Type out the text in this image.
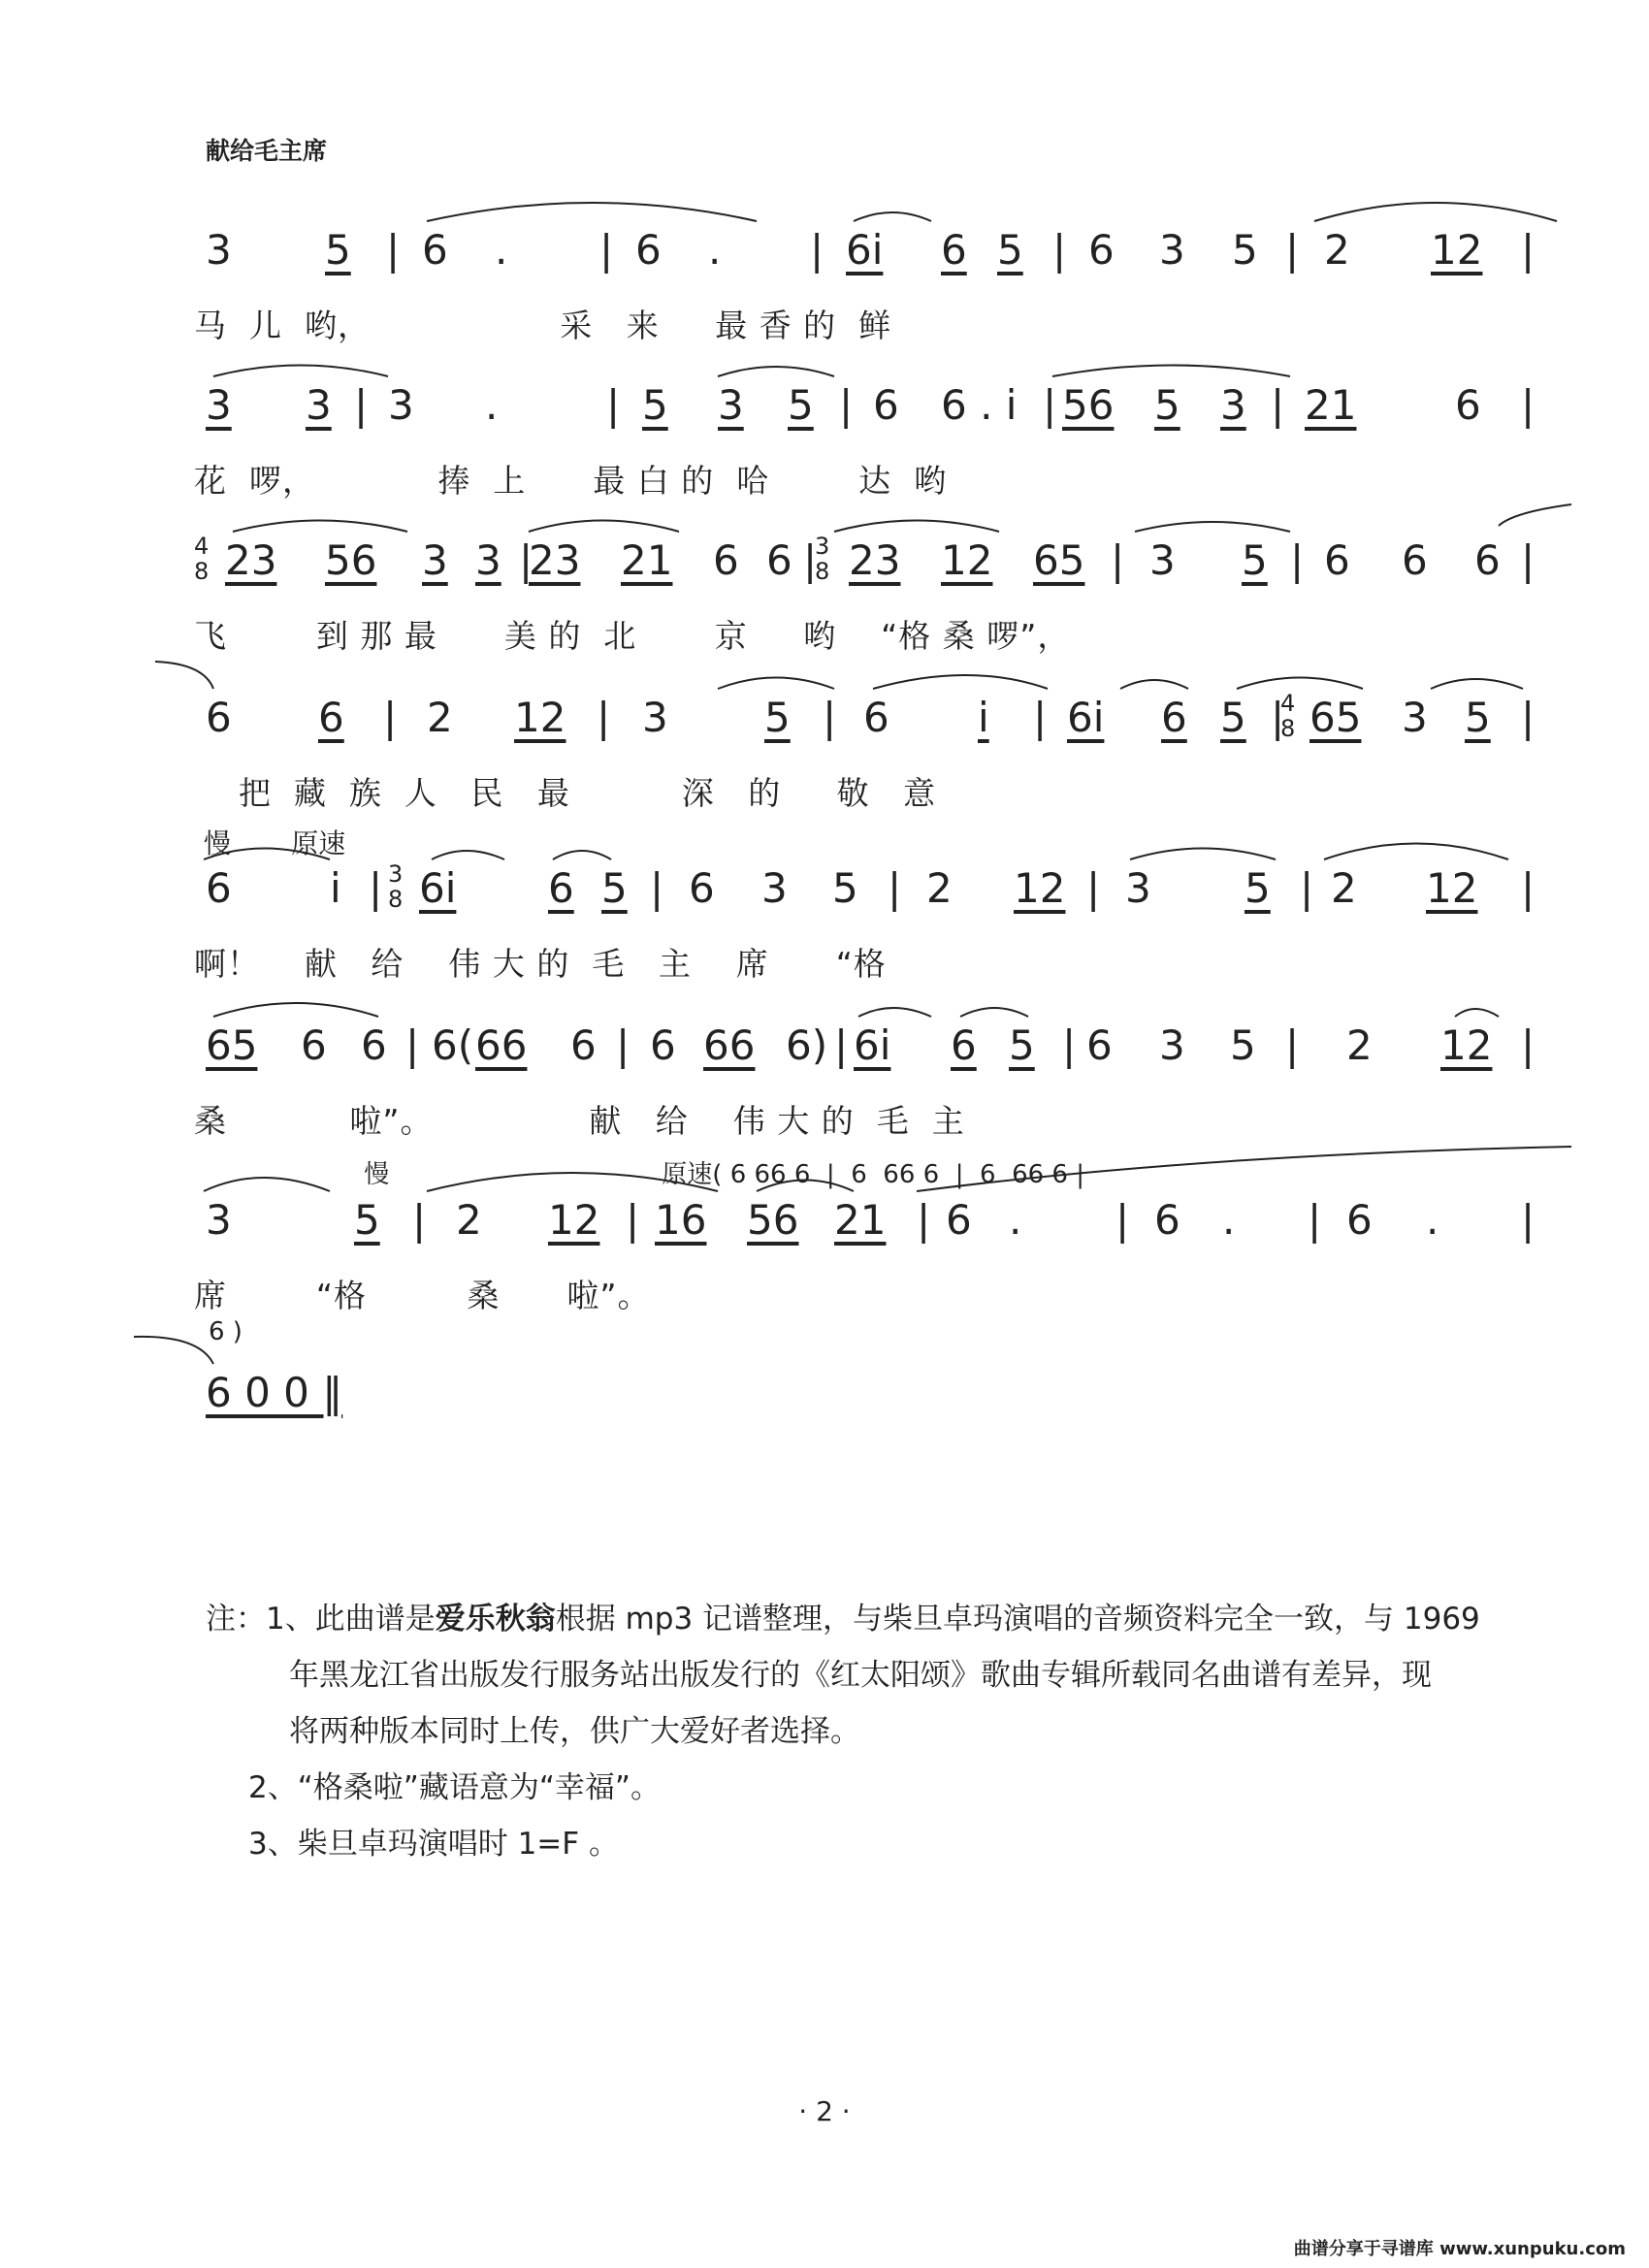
献给毛主席
3 5 | 6 . | 6 . | 6i 6 5 | 6 3 5 | 2 12 |
马  儿  哟，                 采   来     最 香 的  鲜
3 3 | 3 .	| 5 3 5 | 6 6 . i | 56 5 3 | 21 6 |
花  啰，           捧  上      最 白 的  哈        达  哟
4
8 23 56 3 3 |
23 21 6 6 |
3
8 23 12 65 | 3 5 | 6 6 6 |
飞        到 那 最      美 的  北       京     哟    “格 桑 啰”，
6 6 | 2 12 | 3 5 | 6 i | 6i 6 5 |
4
8 65 3 5 |
把  藏  族  人   民   最          深   的     敬   意
慢       原速
6 i | 3
8 6i 6 5 | 6 3 5 | 2 12 | 3 5 | 2 12 |
啊！    献   给    伟 大 的  毛   主    席      “格
65 6 6 | 6( 66 6 | 6 66 6) | 6i 6 5 | 6 3 5 | 2 12 |
桑           啦”。              献   给    伟 大 的  毛  主
慢                                  原速( 6 66 6  |  6  66 6  |  6  66 6 |
3	5 | 2 12 | 16 56 21 | 6 . | 6 . | 6 . |
席        “格         桑      啦”。
6 )
6 0 0 ‖

注：1、此曲谱是爱乐秋翁根据 mp3 记谱整理，与柴旦卓玛演唱的音频资料完全一致，与 1969

年黑龙江省出版发行服务站出版发行的《红太阳颂》歌曲专辑所载同名曲谱有差异，现

将两种版本同时上传，供广大爱好者选择。

2、“格桑啦”藏语意为“幸福”。

3、柴旦卓玛演唱时 1=F 。

· 2 ·
曲谱分享于寻谱库 www.xunpuku.com
